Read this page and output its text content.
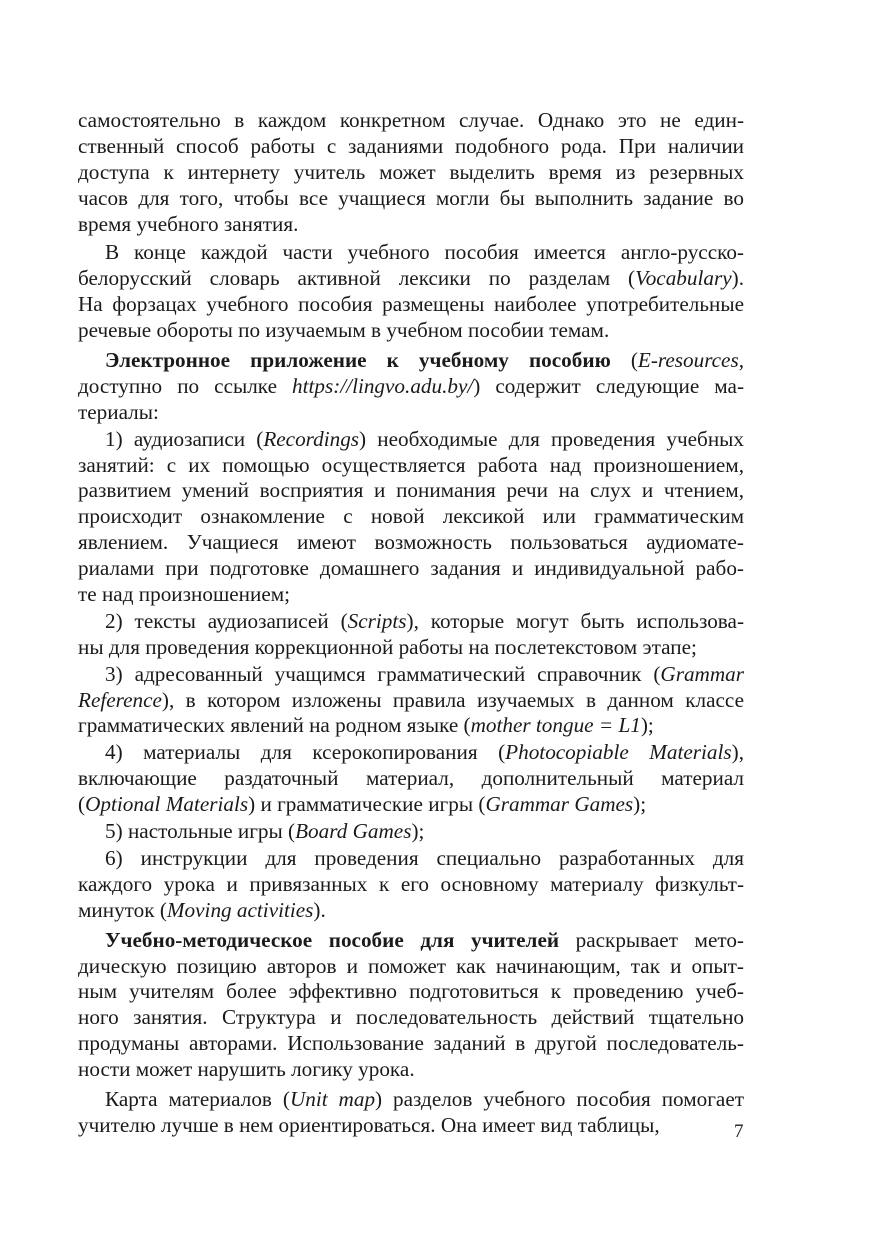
самостоятельно в каждом конкретном случае. Однако это не един-
ственный способ работы с заданиями подобного рода. При наличии
доступа к интернету учитель может выделить время из резервных
часов для того, чтобы все учащиеся могли бы выполнить задание во
время учебного занятия.
В конце каждой части учебного пособия имеется англо-русско-
белорусский словарь активной лексики по разделам (Vocabulary).
На форзацах учебного пособия размещены наиболее употребительные
речевые обороты по изучаемым в учебном пособии темам.
Электронное приложение к учебному пособию (E-resources,
доступно по ссылке https://lingvo.adu.by/) содержит следующие ма-
териалы:
1) аудиозаписи (Recordings) необходимые для проведения учебных
занятий: с их помощью осуществляется работа над произношением,
развитием умений восприятия и понимания речи на слух и чтением,
происходит ознакомление с новой лексикой или грамматическим
явлением. Учащиеся имеют возможность пользоваться аудиомате-
риалами при подготовке домашнего задания и индивидуальной рабо-
те над произношением;
2) тексты аудиозаписей (Scripts), которые могут быть использова-
ны для проведения коррекционной работы на послетекстовом этапе;
3) адресованный учащимся грамматический справочник (Grammar
Reference), в котором изложены правила изучаемых в данном классе
грамматических явлений на родном языке (mother tongue = L1);
4) материалы для ксерокопирования (Photocopiable Materials),
включающие раздаточный материал, дополнительный материал
(Optional Materials) и грамматические игры (Grammar Games);
5) настольные игры (Board Games);
6) инструкции для проведения специально разработанных для
каждого урока и привязанных к его основному материалу физкульт-
минуток (Moving activities).
Учебно-методическое пособие для учителей раскрывает мето-
дическую позицию авторов и поможет как начинающим, так и опыт-
ным учителям более эффективно подготовиться к проведению учеб-
ного занятия. Структура и последовательность действий тщательно
продуманы авторами. Использование заданий в другой последователь-
ности может нарушить логику урока.
Карта материалов (Unit map) разделов учебного пособия помогает
учителю лучше в нем ориентироваться. Она имеет вид таблицы,	7
